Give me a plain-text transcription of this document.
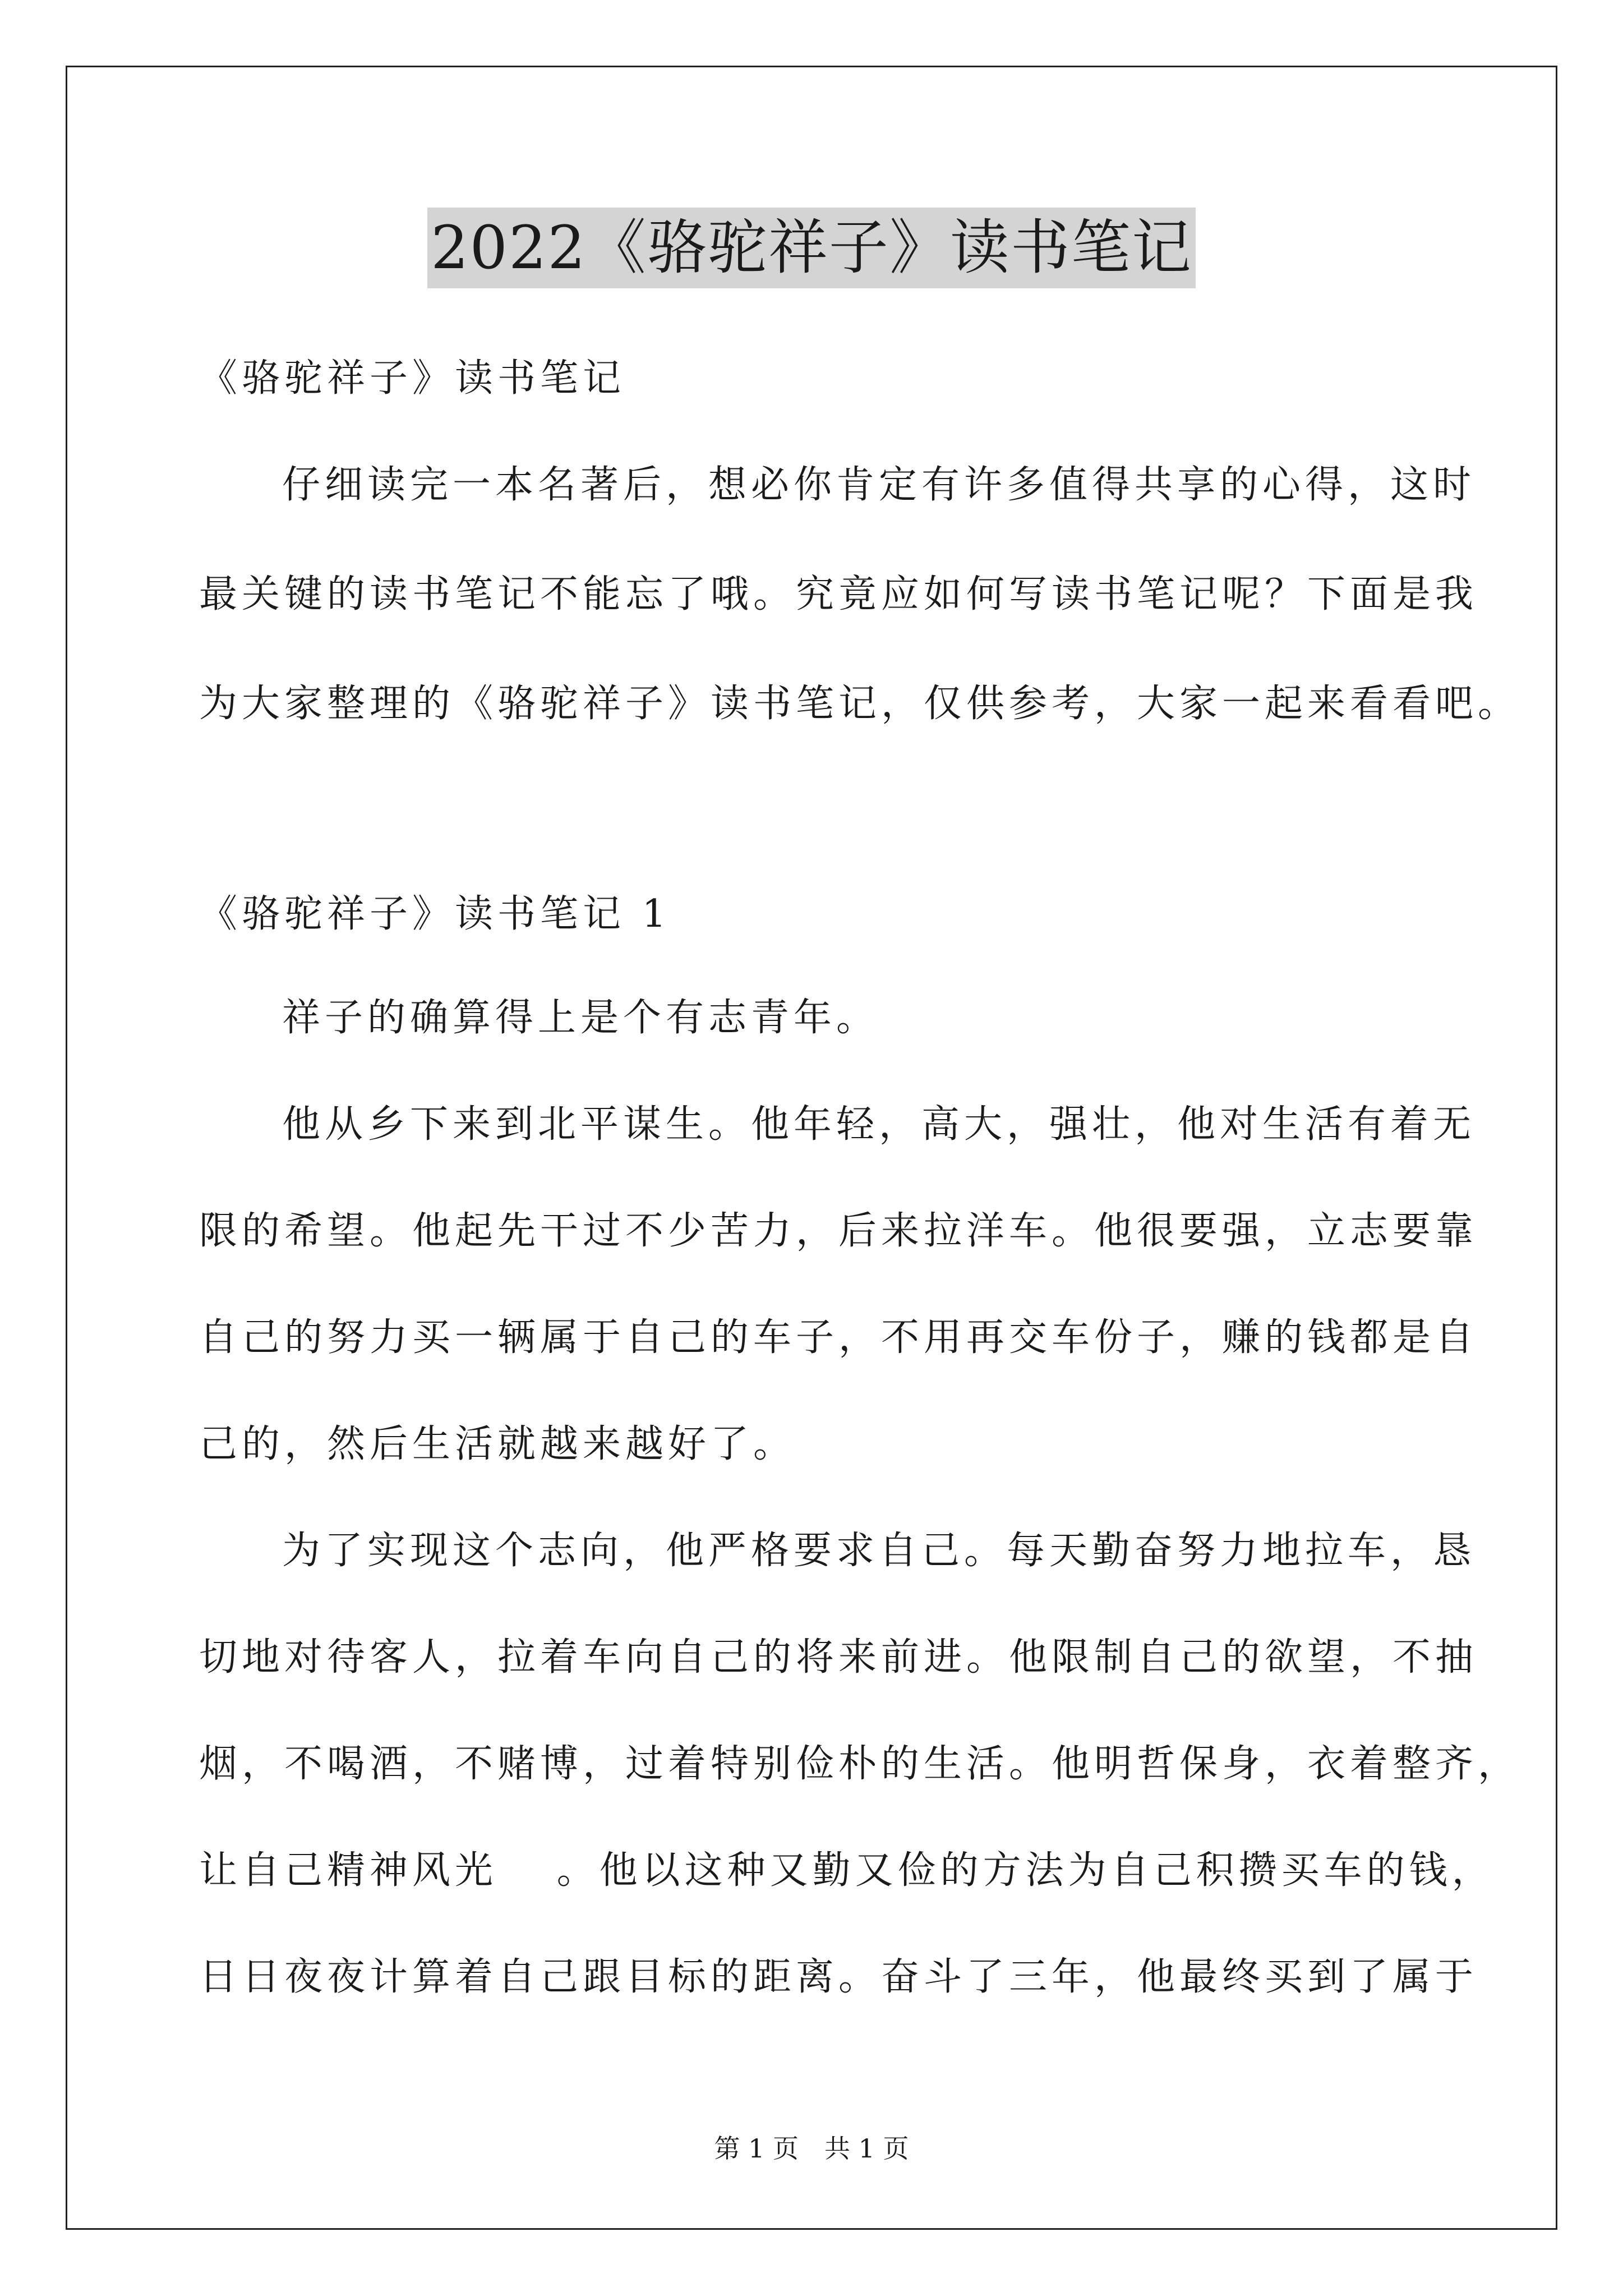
2022《骆驼祥子》读书笔记
《骆驼祥子》读书笔记
仔细读完一本名著后，想必你肯定有许多值得共享的心得，这时
最关键的读书笔记不能忘了哦。究竟应如何写读书笔记呢？下面是我
为大家整理的《骆驼祥子》读书笔记，仅供参考，大家一起来看看吧。
《骆驼祥子》读书笔记 1
祥子的确算得上是个有志青年。
他从乡下来到北平谋生。他年轻，高大，强壮，他对生活有着无
限的希望。他起先干过不少苦力，后来拉洋车。他很要强，立志要靠
自己的努力买一辆属于自己的车子，不用再交车份子，赚的钱都是自
己的，然后生活就越来越好了。
为了实现这个志向，他严格要求自己。每天勤奋努力地拉车，恳
切地对待客人，拉着车向自己的将来前进。他限制自己的欲望，不抽
烟，不喝酒，不赌博，过着特别俭朴的生活。他明哲保身，衣着整齐，
让自己精神风光　 。他以这种又勤又俭的方法为自己积攒买车的钱，
日日夜夜计算着自己跟目标的距离。奋斗了三年，他最终买到了属于
第 1 页　共 1 页
